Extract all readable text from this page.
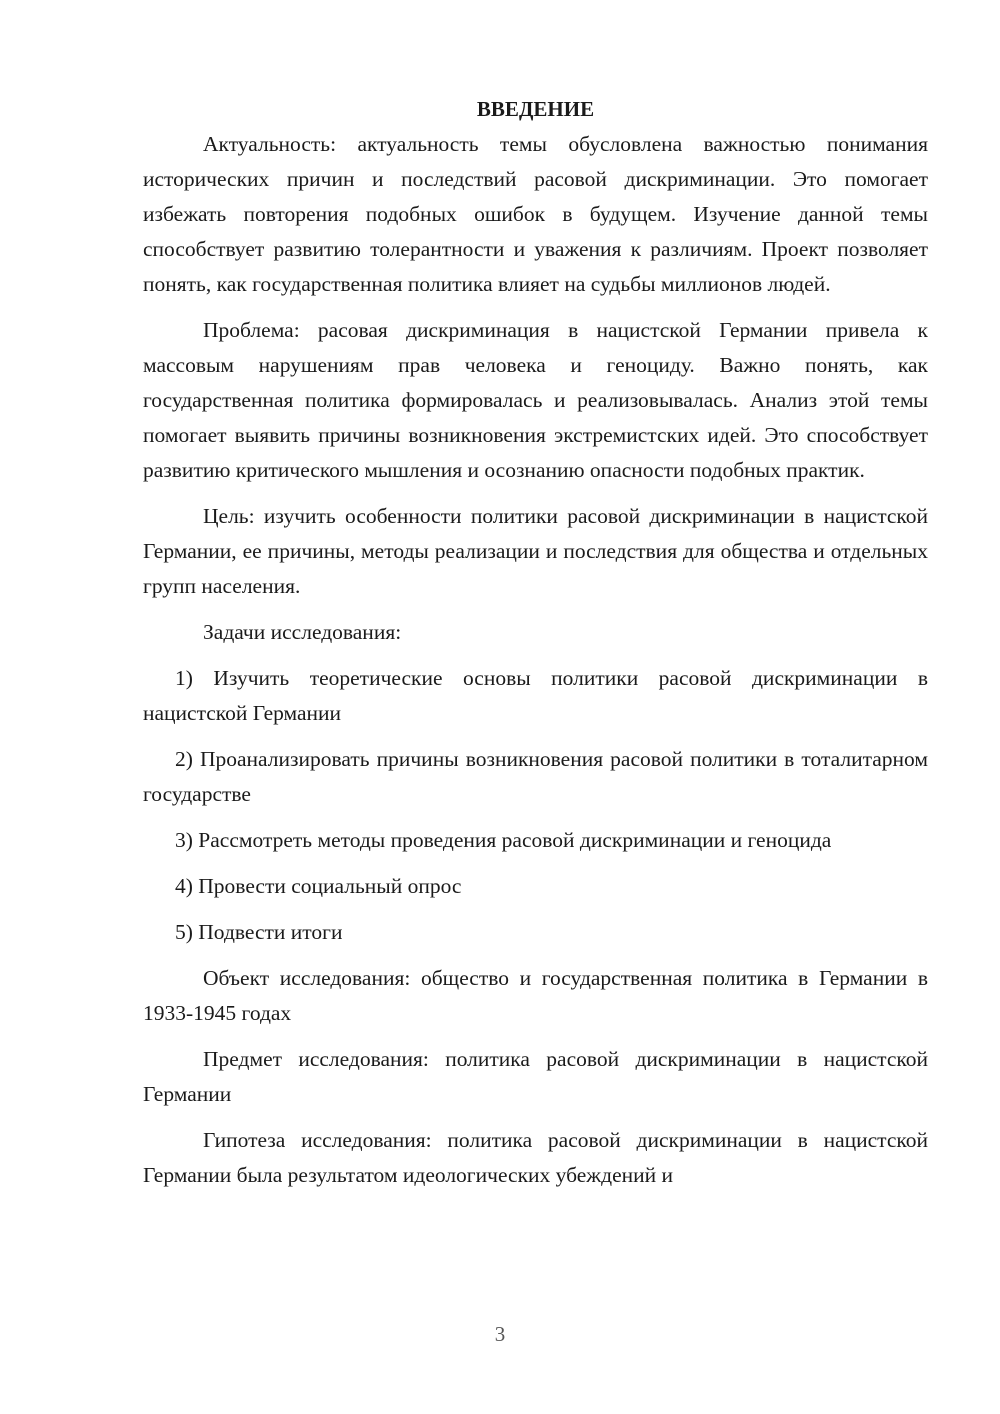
ВВЕДЕНИЕ

Актуальность: актуальность темы обусловлена важностью понимания исторических причин и последствий расовой дискриминации. Это помогает избежать повторения подобных ошибок в будущем. Изучение данной темы способствует развитию толерантности и уважения к различиям. Проект позволяет понять, как государственная политика влияет на судьбы миллионов людей.

Проблема: расовая дискриминация в нацистской Германии привела к массовым нарушениям прав человека и геноциду. Важно понять, как государственная политика формировалась и реализовывалась. Анализ этой темы помогает выявить причины возникновения экстремистских идей. Это способствует развитию критического мышления и осознанию опасности подобных практик.

Цель: изучить особенности политики расовой дискриминации в нацистской Германии, ее причины, методы реализации и последствия для общества и отдельных групп населения.

Задачи исследования:

1) Изучить теоретические основы политики расовой дискриминации в нацистской Германии

2) Проанализировать причины возникновения расовой политики в тоталитарном государстве

3) Рассмотреть методы проведения расовой дискриминации и геноцида

4) Провести социальный опрос

5) Подвести итоги

Объект исследования: общество и государственная политика в Германии в 1933-1945 годах

Предмет исследования: политика расовой дискриминации в нацистской Германии

Гипотеза исследования: политика расовой дискриминации в нацистской Германии была результатом идеологических убеждений и

3
